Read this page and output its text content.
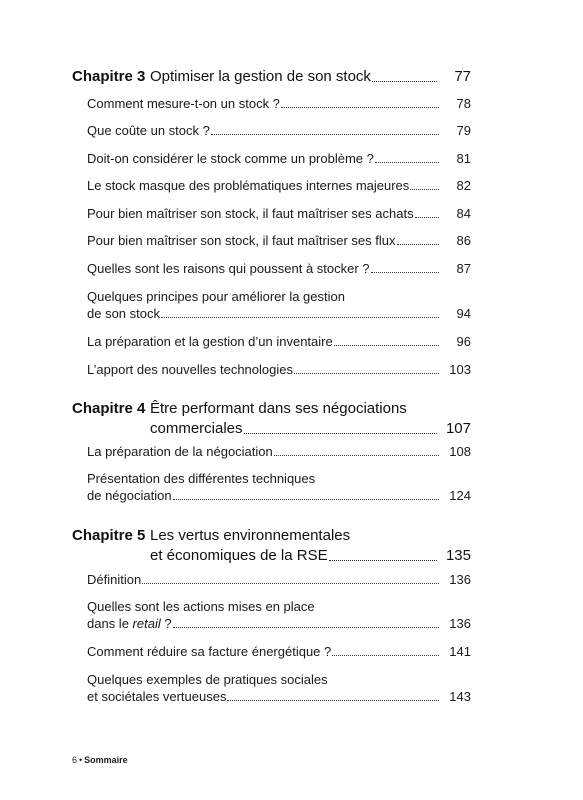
Chapitre 3 Optimiser la gestion de son stock	77
Comment mesure-t-on un stock ?	78
Que coûte un stock ?	79
Doit-on considérer le stock comme un problème ?	81
Le stock masque des problématiques internes majeures	82
Pour bien maîtriser son stock, il faut maîtriser ses achats	84
Pour bien maîtriser son stock, il faut maîtriser ses flux	86
Quelles sont les raisons qui poussent à stocker ?	87
Quelques principes pour améliorer la gestion
de son stock	94
La préparation et la gestion d’un inventaire	96
L’apport des nouvelles technologies	103
Chapitre 4 Être performant dans ses négociations
commerciales	107
La préparation de la négociation	108
Présentation des différentes techniques
de négociation	124
Chapitre 5 Les vertus environnementales
et économiques de la RSE	135
Définition	136
Quelles sont les actions mises en place
dans le retail ?	136
Comment réduire sa facture énergétique ?	141
Quelques exemples de pratiques sociales
et sociétales vertueuses	143
6 • Sommaire
